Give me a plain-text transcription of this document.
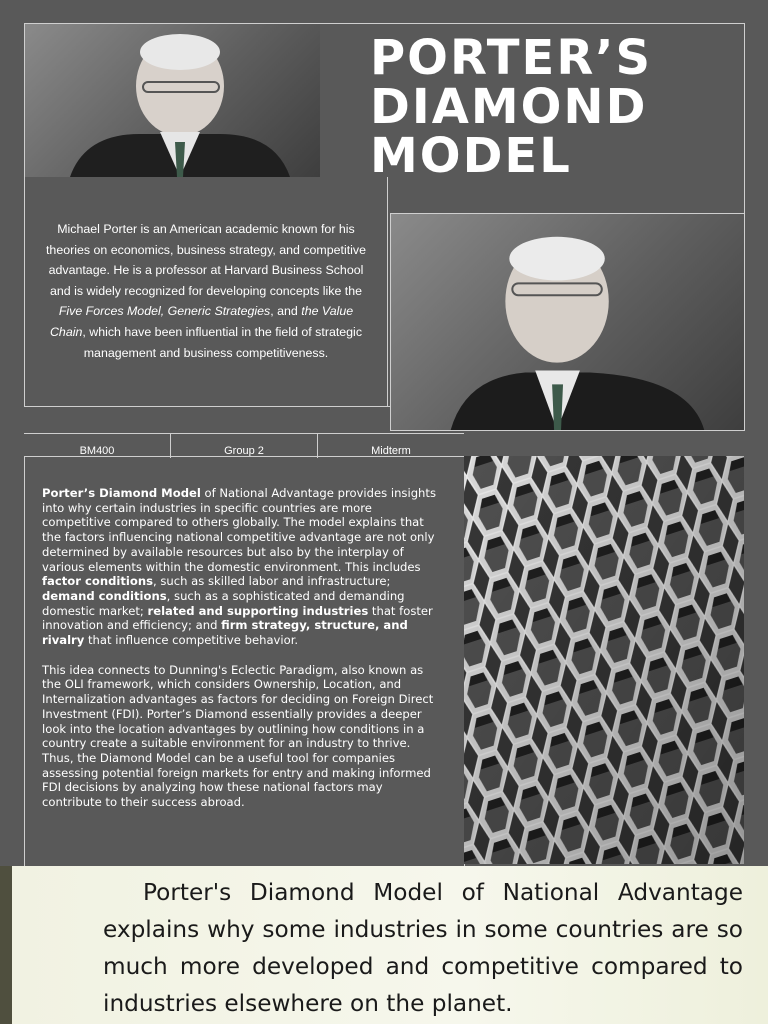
PORTER’S
DIAMOND
MODEL
Michael Porter is an American academic known for his theories on economics, business strategy, and competitive advantage. He is a professor at Harvard Business School and is widely recognized for developing concepts like the Five Forces Model, Generic Strategies, and the Value Chain, which have been influential in the field of strategic management and business competitiveness.
BM400	Group 2	Midterm

Porter’s Diamond Model of National Advantage provides insights into why certain industries in specific countries are more competitive compared to others globally. The model explains that the factors influencing national competitive advantage are not only determined by available resources but also by the interplay of various elements within the domestic environment. This includes factor conditions, such as skilled labor and infrastructure; demand conditions, such as a sophisticated and demanding domestic market; related and supporting industries that foster innovation and efficiency; and firm strategy, structure, and rivalry that influence competitive behavior.

This idea connects to Dunning's Eclectic Paradigm, also known as the OLI framework, which considers Ownership, Location, and Internalization advantages as factors for deciding on Foreign Direct Investment (FDI). Porter’s Diamond essentially provides a deeper look into the location advantages by outlining how conditions in a country create a suitable environment for an industry to thrive. Thus, the Diamond Model can be a useful tool for companies assessing potential foreign markets for entry and making informed FDI decisions by analyzing how these national factors may contribute to their success abroad.

Porter's Diamond Model of National Advantage explains why some industries in some countries are so much more developed and competitive compared to industries elsewhere on the planet.
